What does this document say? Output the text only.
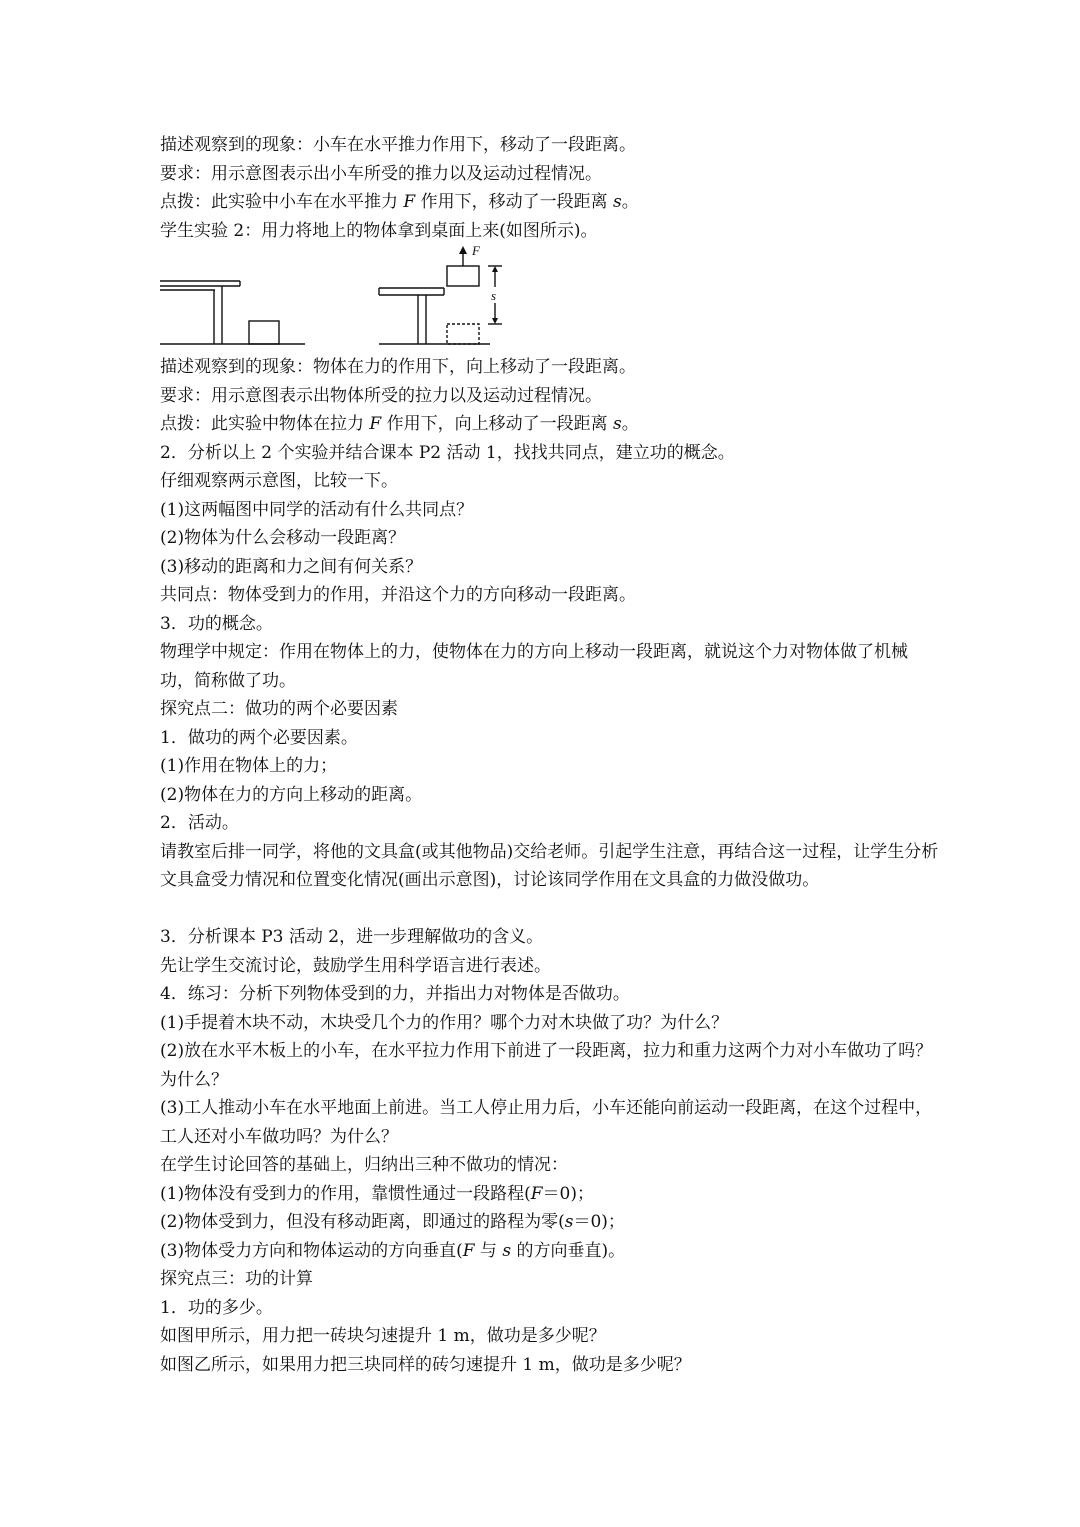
描述观察到的现象：小车在水平推力作用下，移动了一段距离。
要求：用示意图表示出小车所受的推力以及运动过程情况。
点拨：此实验中小车在水平推力 F 作用下，移动了一段距离 s。
学生实验 2：用力将地上的物体拿到桌面上来(如图所示)。
F
s
描述观察到的现象：物体在力的作用下，向上移动了一段距离。
要求：用示意图表示出物体所受的拉力以及运动过程情况。
点拨：此实验中物体在拉力 F 作用下，向上移动了一段距离 s。
2．分析以上 2 个实验并结合课本 P2 活动 1，找找共同点，建立功的概念。
仔细观察两示意图，比较一下。
(1)这两幅图中同学的活动有什么共同点？
(2)物体为什么会移动一段距离？
(3)移动的距离和力之间有何关系？
共同点：物体受到力的作用，并沿这个力的方向移动一段距离。
3．功的概念。
物理学中规定：作用在物体上的力，使物体在力的方向上移动一段距离，就说这个力对物体做了机械功，简称做了功。
探究点二：做功的两个必要因素
1．做功的两个必要因素。
(1)作用在物体上的力；
(2)物体在力的方向上移动的距离。
2．活动。
请教室后排一同学，将他的文具盒(或其他物品)交给老师。引起学生注意，再结合这一过程，让学生分析文具盒受力情况和位置变化情况(画出示意图)，讨论该同学作用在文具盒的力做没做功。
3．分析课本 P3 活动 2，进一步理解做功的含义。
先让学生交流讨论，鼓励学生用科学语言进行表述。
4．练习：分析下列物体受到的力，并指出力对物体是否做功。
(1)手提着木块不动，木块受几个力的作用？哪个力对木块做了功？为什么？
(2)放在水平木板上的小车，在水平拉力作用下前进了一段距离，拉力和重力这两个力对小车做功了吗？为什么？
(3)工人推动小车在水平地面上前进。当工人停止用力后，小车还能向前运动一段距离，在这个过程中，工人还对小车做功吗？为什么？
在学生讨论回答的基础上，归纳出三种不做功的情况：
(1)物体没有受到力的作用，靠惯性通过一段路程(F＝0)；
(2)物体受到力，但没有移动距离，即通过的路程为零(s＝0)；
(3)物体受力方向和物体运动的方向垂直(F 与 s 的方向垂直)。
探究点三：功的计算
1．功的多少。
如图甲所示，用力把一砖块匀速提升 1 m，做功是多少呢？
如图乙所示，如果用力把三块同样的砖匀速提升 1 m，做功是多少呢？
